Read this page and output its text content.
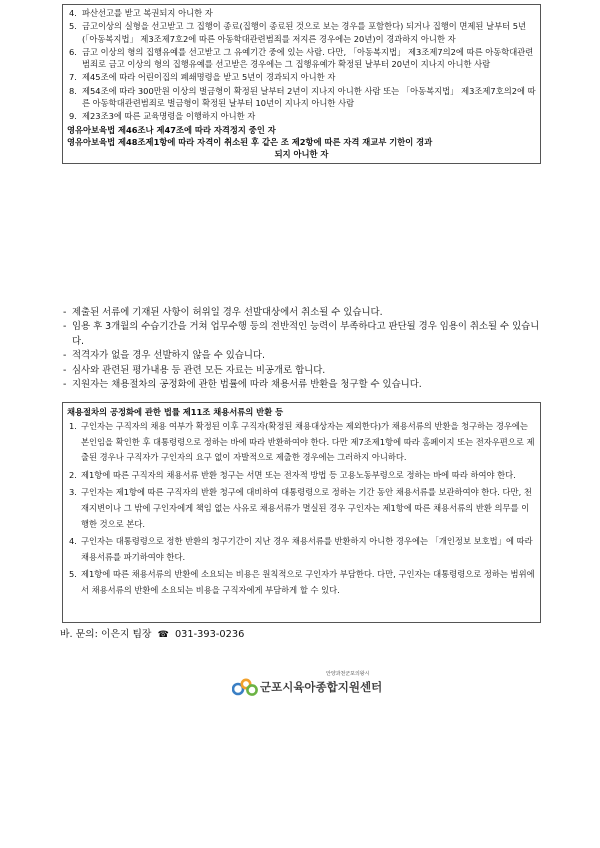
4. 파산선고를 받고 복권되지 아니한 자
5. 금고이상의 실형을 선고받고 그 집행이 종료(집행이 종료된 것으로 보는 경우를 포함한다) 되거나 집행이 면제된 날부터 5년(「아동복지법」 제3조제7호2에 따른 아동학대관련범죄를 저지른 경우에는 20년)이 경과하지 아니한 자
6. 금고 이상의 형의 집행유예를 선고받고 그 유예기간 중에 있는 사람. 다만, 「아동복지법」 제3조제7의2에 따른 아동학대관련범죄로 금고 이상의 형의 집행유예를 선고받은 경우에는 그 집행유예가 확정된 날부터 20년이 지나지 아니한 사람
7. 제45조에 따라 어린이집의 폐쇄명령을 받고 5년이 경과되지 아니한 자
8. 제54조에 따라 300만원 이상의 벌금형이 확정된 날부터 2년이 지나지 아니한 사람 또는 「아동복지법」 제3조제7호의2에 따른 아동학대관련범죄로 벌금형이 확정된 날부터 10년이 지나지 아니한 사람
9. 제23조3에 따른 교육명령을 이행하지 아니한 자

영유아보육법 제46조나 제47조에 따라 자격정지 중인 자

영유아보육법 제48조제1항에 따라 자격이 취소된 후 같은 조 제2항에 따른 자격 재교부 기한이 경과

되지 아니한 자

- 제출된 서류에 기재된 사항이 허위일 경우 선발대상에서 취소될 수 있습니다.
- 임용 후 3개월의 수습기간을 거쳐 업무수행 등의 전반적인 능력이 부족하다고 판단될 경우 임용이 취소될 수 있습니다.
- 적격자가 없을 경우 선발하지 않을 수 있습니다.
- 심사와 관련된 평가내용 등 관련 모든 자료는 비공개로 합니다.
- 지원자는 채용절차의 공정화에 관한 법률에 따라 채용서류 반환을 청구할 수 있습니다.

채용절차의 공정화에 관한 법률 제11조 채용서류의 반환 등

1. 구인자는 구직자의 채용 여부가 확정된 이후 구직자(확정된 채용대상자는 제외한다)가 채용서류의 반환을 청구하는 경우에는 본인임을 확인한 후 대통령령으로 정하는 바에 따라 반환하여야 한다. 다만 제7조제1항에 따라 홈페이지 또는 전자우편으로 제출된 경우나 구직자가 구인자의 요구 없이 자발적으로 제출한 경우에는 그러하지 아니하다.
2. 제1항에 따른 구직자의 채용서류 반환 청구는 서면 또는 전자적 방법 등 고용노동부령으로 정하는 바에 따라 하여야 한다.
3. 구인자는 제1항에 따른 구직자의 반환 청구에 대비하여 대통령령으로 정하는 기간 동안 채용서류를 보관하여야 한다. 다만, 천재지변이나 그 밖에 구인자에게 책임 없는 사유로 채용서류가 멸실된 경우 구인자는 제1항에 따른 채용서류의 반환 의무를 이행한 것으로 본다.
4. 구인자는 대통령령으로 정한 반환의 청구기간이 지난 경우 채용서류를 반환하지 아니한 경우에는 「개인정보 보호법」에 따라 채용서류를 파기하여야 한다.
5. 제1항에 따른 채용서류의 반환에 소요되는 비용은 원칙적으로 구인자가 부담한다. 다만, 구인자는 대통령령으로 정하는 범위에서 채용서류의 반환에 소요되는 비용을 구직자에게 부담하게 할 수 있다.
바. 문의: 이은지 팀장 ☎ 031-393-0236
안양과천군포의왕시
군포시육아종합지원센터
